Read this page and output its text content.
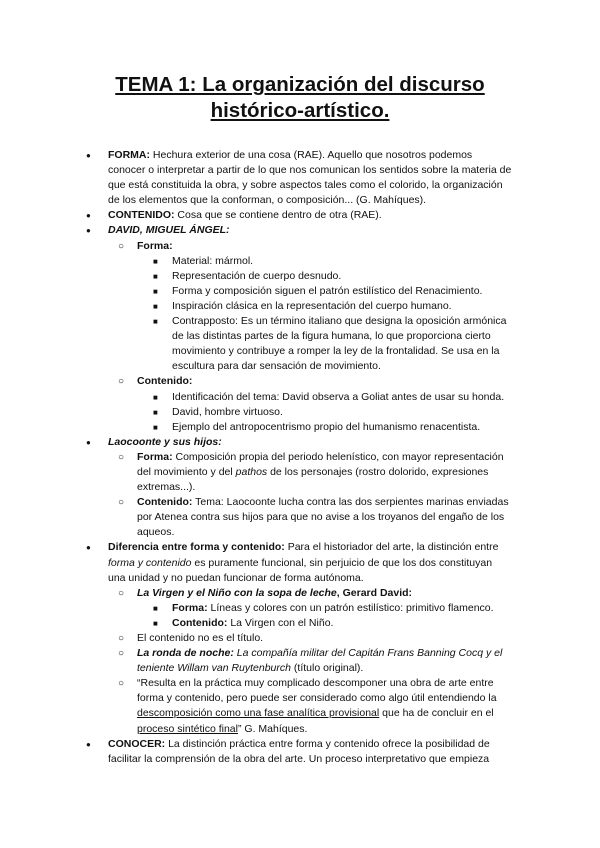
TEMA 1: La organización del discurso
histórico-artístico.
● FORMA: Hechura exterior de una cosa (RAE). Aquello que nosotros podemos conocer o interpretar a partir de lo que nos comunican los sentidos sobre la materia de que está constituida la obra, y sobre aspectos tales como el colorido, la organización de los elementos que la conforman, o composición... (G. Mahíques).
● CONTENIDO: Cosa que se contiene dentro de otra (RAE).
● DAVID, MIGUEL ÁNGEL:
○ Forma:
■ Material: mármol.
■ Representación de cuerpo desnudo.
■ Forma y composición siguen el patrón estilístico del Renacimiento.
■ Inspiración clásica en la representación del cuerpo humano.
■ Contrapposto: Es un término italiano que designa la oposición armónica de las distintas partes de la figura humana, lo que proporciona cierto movimiento y contribuye a romper la ley de la frontalidad. Se usa en la escultura para dar sensación de movimiento.
○ Contenido:
■ Identificación del tema: David observa a Goliat antes de usar su honda.
■ David, hombre virtuoso.
■ Ejemplo del antropocentrismo propio del humanismo renacentista.
● Laocoonte y sus hijos:
○ Forma: Composición propia del periodo helenístico, con mayor representación del movimiento y del pathos de los personajes (rostro dolorido, expresiones extremas...).
○ Contenido: Tema: Laocoonte lucha contra las dos serpientes marinas enviadas por Atenea contra sus hijos para que no avise a los troyanos del engaño de los aqueos.
● Diferencia entre forma y contenido: Para el historiador del arte, la distinción entre forma y contenido es puramente funcional, sin perjuicio de que los dos constituyan una unidad y no puedan funcionar de forma autónoma.
○ La Virgen y el Niño con la sopa de leche, Gerard David:
■ Forma: Líneas y colores con un patrón estilístico: primitivo flamenco.
■ Contenido: La Virgen con el Niño.
○ El contenido no es el título.
○ La ronda de noche: La compañía militar del Capitán Frans Banning Cocq y el teniente Willam van Ruytenburch (título original).
○ “Resulta en la práctica muy complicado descomponer una obra de arte entre forma y contenido, pero puede ser considerado como algo útil entendiendo la descomposición como una fase analítica provisional que ha de concluir en el proceso sintético final” G. Mahíques.
● CONOCER: La distinción práctica entre forma y contenido ofrece la posibilidad de facilitar la comprensión de la obra del arte. Un proceso interpretativo que empieza
